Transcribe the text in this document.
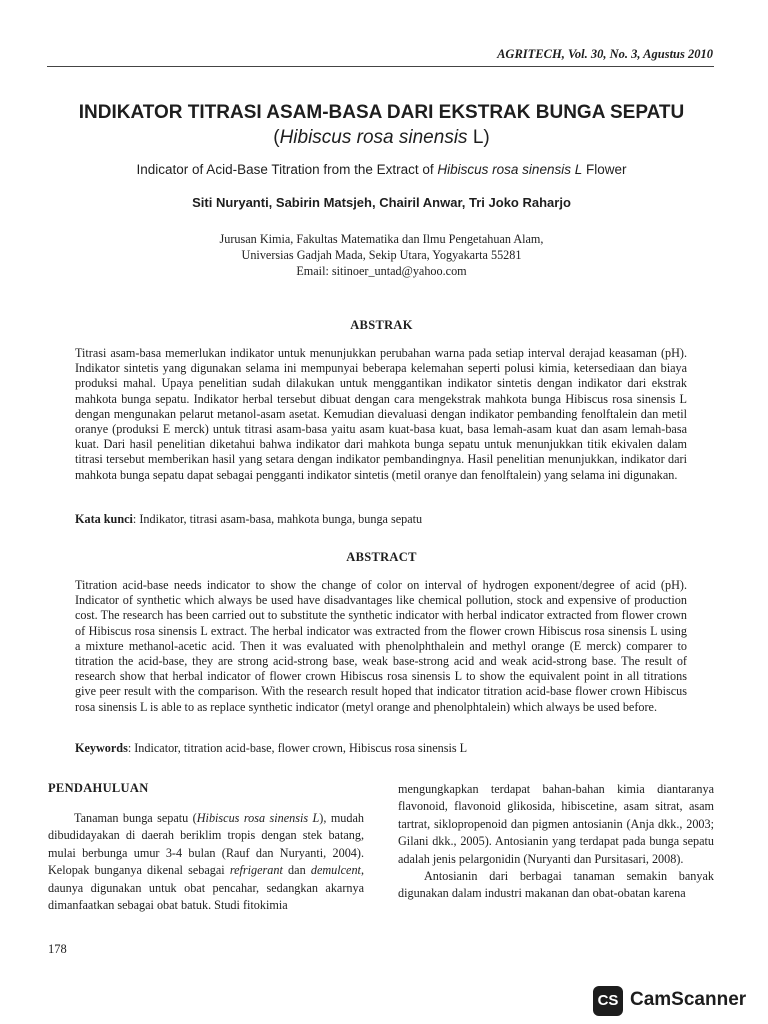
AGRITECH, Vol. 30, No. 3, Agustus 2010
INDIKATOR TITRASI ASAM-BASA DARI EKSTRAK BUNGA SEPATU
(Hibiscus rosa sinensis L)
Indicator of Acid-Base Titration from the Extract of Hibiscus rosa sinensis L Flower
Siti Nuryanti, Sabirin Matsjeh, Chairil Anwar, Tri Joko Raharjo
Jurusan Kimia, Fakultas Matematika dan Ilmu Pengetahuan Alam,
Universias Gadjah Mada, Sekip Utara, Yogyakarta 55281
Email: sitinoer_untad@yahoo.com
ABSTRAK
Titrasi asam-basa memerlukan indikator untuk menunjukkan perubahan warna pada setiap interval derajad keasaman (pH). Indikator sintetis yang digunakan selama ini mempunyai beberapa kelemahan seperti polusi kimia, ketersediaan dan biaya produksi mahal. Upaya penelitian sudah dilakukan untuk menggantikan indikator sintetis dengan indikator dari ekstrak mahkota bunga sepatu. Indikator herbal tersebut dibuat dengan cara mengekstrak mahkota bunga Hibiscus rosa sinensis L dengan mengunakan pelarut metanol-asam asetat. Kemudian dievaluasi dengan indikator pembanding fenolftalein dan metil oranye (produksi E merck) untuk titrasi asam-basa yaitu asam kuat-basa kuat, basa lemah-asam kuat dan asam lemah-basa kuat. Dari hasil penelitian diketahui bahwa indikator dari mahkota bunga sepatu untuk menunjukkan titik ekivalen dalam titrasi tersebut memberikan hasil yang setara dengan indikator pembandingnya. Hasil penelitian menunjukkan, indikator dari mahkota bunga sepatu dapat sebagai pengganti indikator sintetis (metil oranye dan fenolftalein) yang selama ini digunakan.
Kata kunci: Indikator, titrasi asam-basa, mahkota bunga, bunga sepatu
ABSTRACT
Titration acid-base needs indicator to show the change of color on interval of hydrogen exponent/degree of acid (pH). Indicator of synthetic which always be used have disadvantages like chemical pollution, stock and expensive of production cost. The research has been carried out to substitute the synthetic indicator with herbal indicator extracted from flower crown of Hibiscus rosa sinensis L extract. The herbal indicator was extracted from the flower crown Hibiscus rosa sinensis L using a mixture methanol-acetic acid. Then it was evaluated with phenolphthalein and methyl orange (E merck) comparer to titration the acid-base, they are strong acid-strong base, weak base-strong acid and weak acid-strong base. The result of research show that herbal indicator of flower crown Hibiscus rosa sinensis L to show the equivalent point in all titrations give peer result with the comparison. With the research result hoped that indicator titration acid-base flower crown Hibiscus rosa sinensis L is able to as replace synthetic indicator (metyl orange and phenolphtalein) which always be used before.
Keywords: Indicator, titration acid-base, flower crown, Hibiscus rosa sinensis L
PENDAHULUAN
Tanaman bunga sepatu (Hibiscus rosa sinensis L), mudah dibudidayakan di daerah beriklim tropis dengan stek batang, mulai berbunga umur 3-4 bulan (Rauf dan Nuryanti, 2004). Kelopak bunganya dikenal sebagai refrigerant dan demulcent, daunya digunakan untuk obat pencahar, sedangkan akarnya dimanfaatkan sebagai obat batuk. Studi fitokimia
mengungkapkan terdapat bahan-bahan kimia diantaranya flavonoid, flavonoid glikosida, hibiscetine, asam sitrat, asam tartrat, siklopropenoid dan pigmen antosianin (Anja dkk., 2003; Gilani dkk., 2005). Antosianin yang terdapat pada bunga sepatu adalah jenis pelargonidin (Nuryanti dan Pursitasari, 2008).
Antosianin dari berbagai tanaman semakin banyak digunakan dalam industri makanan dan obat-obatan karena
178
CS CamScanner
